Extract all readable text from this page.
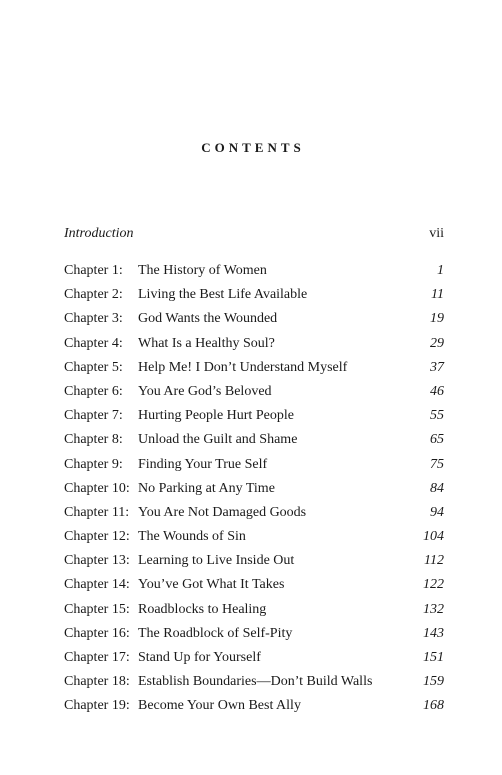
CONTENTS
Introduction	vii
Chapter 1: The History of Women	1
Chapter 2: Living the Best Life Available	11
Chapter 3: God Wants the Wounded	19
Chapter 4: What Is a Healthy Soul?	29
Chapter 5: Help Me! I Don’t Understand Myself	37
Chapter 6: You Are God’s Beloved	46
Chapter 7: Hurting People Hurt People	55
Chapter 8: Unload the Guilt and Shame	65
Chapter 9: Finding Your True Self	75
Chapter 10: No Parking at Any Time	84
Chapter 11: You Are Not Damaged Goods	94
Chapter 12: The Wounds of Sin	104
Chapter 13: Learning to Live Inside Out	112
Chapter 14: You’ve Got What It Takes	122
Chapter 15: Roadblocks to Healing	132
Chapter 16: The Roadblock of Self-Pity	143
Chapter 17: Stand Up for Yourself	151
Chapter 18: Establish Boundaries—Don’t Build Walls	159
Chapter 19: Become Your Own Best Ally	168
